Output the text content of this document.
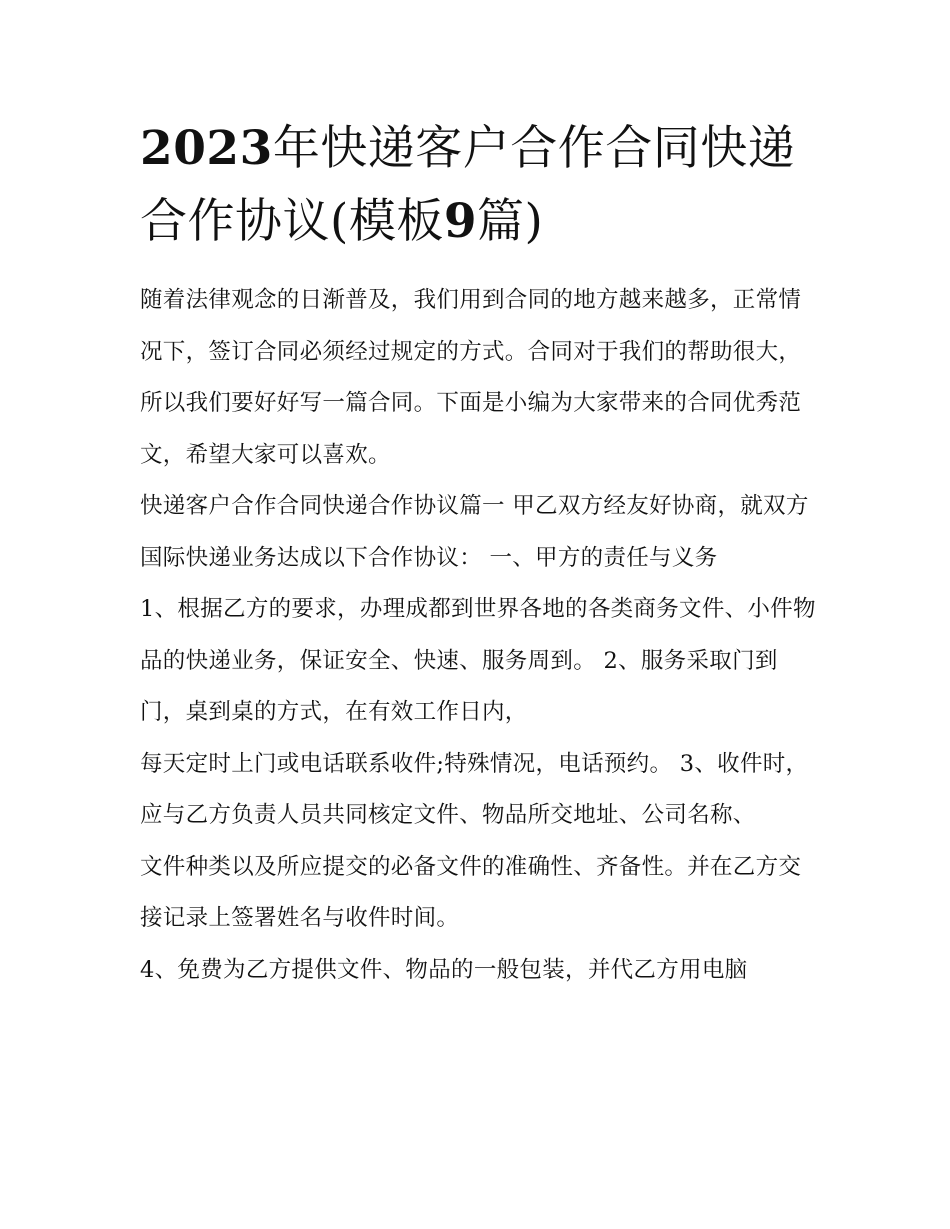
2023年快递客户合作合同快递合作协议(模板9篇)

随着法律观念的日渐普及，我们用到合同的地方越来越多，正常情况下，签订合同必须经过规定的方式。合同对于我们的帮助很大，所以我们要好好写一篇合同。下面是小编为大家带来的合同优秀范文，希望大家可以喜欢。

快递客户合作合同快递合作协议篇一 甲乙双方经友好协商，就双方国际快递业务达成以下合作协议： 一、甲方的责任与义务

1、根据乙方的要求，办理成都到世界各地的各类商务文件、小件物品的快递业务，保证安全、快速、服务周到。 2、服务采取门到门，桌到桌的方式，在有效工作日内，

每天定时上门或电话联系收件;特殊情况，电话预约。 3、收件时，应与乙方负责人员共同核定文件、物品所交地址、公司名称、

文件种类以及所应提交的必备文件的准确性、齐备性。并在乙方交接记录上签署姓名与收件时间。

4、免费为乙方提供文件、物品的一般包装，并代乙方用电脑
